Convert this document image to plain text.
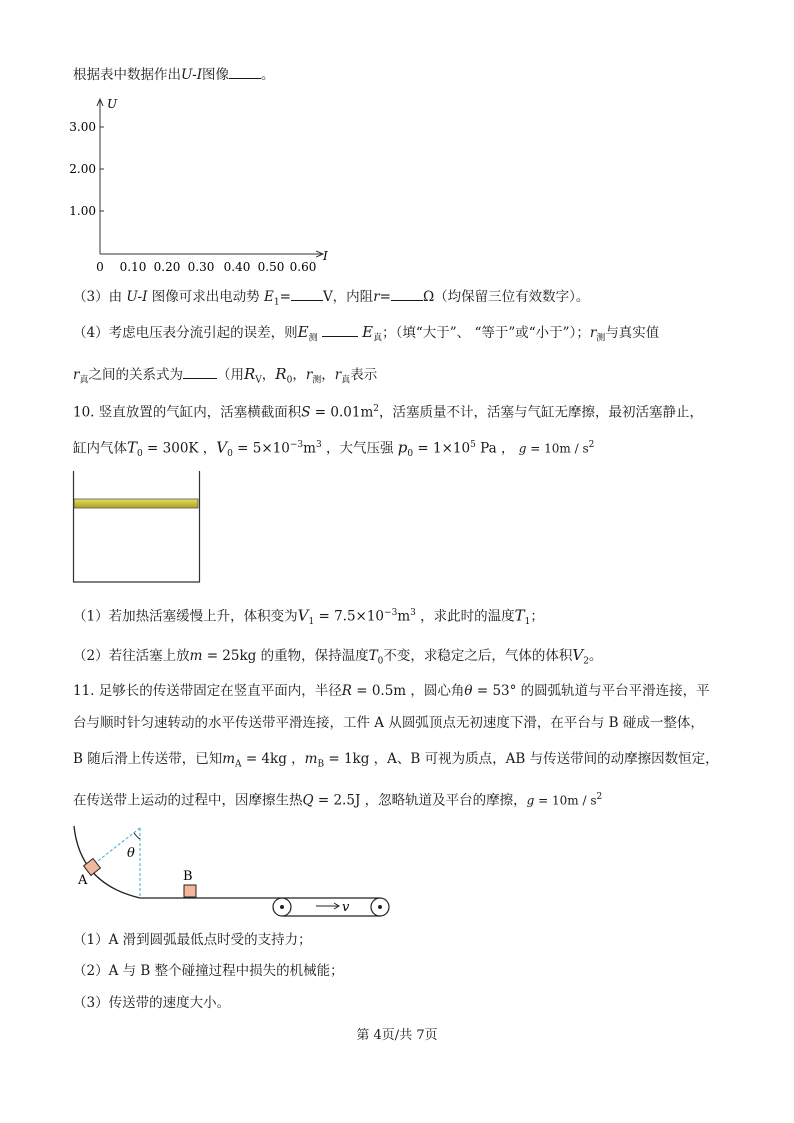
根据表中数据作出U-I图像 。
U
I
3.00
2.00
1.00
0 0.10 0.20 0.30 0.40 0.50 0.60
（3）由 U-I 图像可求出电动势 $E_1= V$，内阻r= Ω（均保留三位有效数字）。
（4）考虑电压表分流引起的误差，则$E_测$	$E_真$；（填“大于”、 “等于”或“小于”）；$r_测$与真实值
$r_真$之间的关系式为	（用$R_V$，$R_0$，$r_测$，$r_真$表示
10. 竖直放置的气缸内，活塞横截面积$S = 0.01m^2$，活塞质量不计，活塞与气缸无摩擦，最初活塞静止，
缸内气体$T_0 = 300K$ ，$V_0 = 5\times 10^{-3}m^3$ ，大气压强 $p_0 = 1\times 10^5$ Pa ， $g = 10m / s^2$
（1）若加热活塞缓慢上升，体积变为$V_1 = 7.5\times 10^{-3}m^3$ ，求此时的温度$T_1$；
（2）若往活塞上放m = 25kg 的重物，保持温度$T_0$不变，求稳定之后，气体的体积$V_2$。
11. 足够长的传送带固定在竖直平面内，半径R = 0.5m ，圆心角θ = 53° 的圆弧轨道与平台平滑连接，平
台与顺时针匀速转动的水平传送带平滑连接，工件 A 从圆弧顶点无初速度下滑，在平台与 B 碰成一整体，
B 随后滑上传送带，已知$m_A = 4kg$ ，$m_B = 1kg$ ，A、B 可视为质点，AB 与传送带间的动摩擦因数恒定，
在传送带上运动的过程中，因摩擦生热Q = 2.5J ，忽略轨道及平台的摩擦，$g = 10m / s^2$
θ
A	B
v
（1）A 滑到圆弧最低点时受的支持力；
（2）A 与 B 整个碰撞过程中损失的机械能；
（3）传送带的速度大小。
第 4页/共 7页
